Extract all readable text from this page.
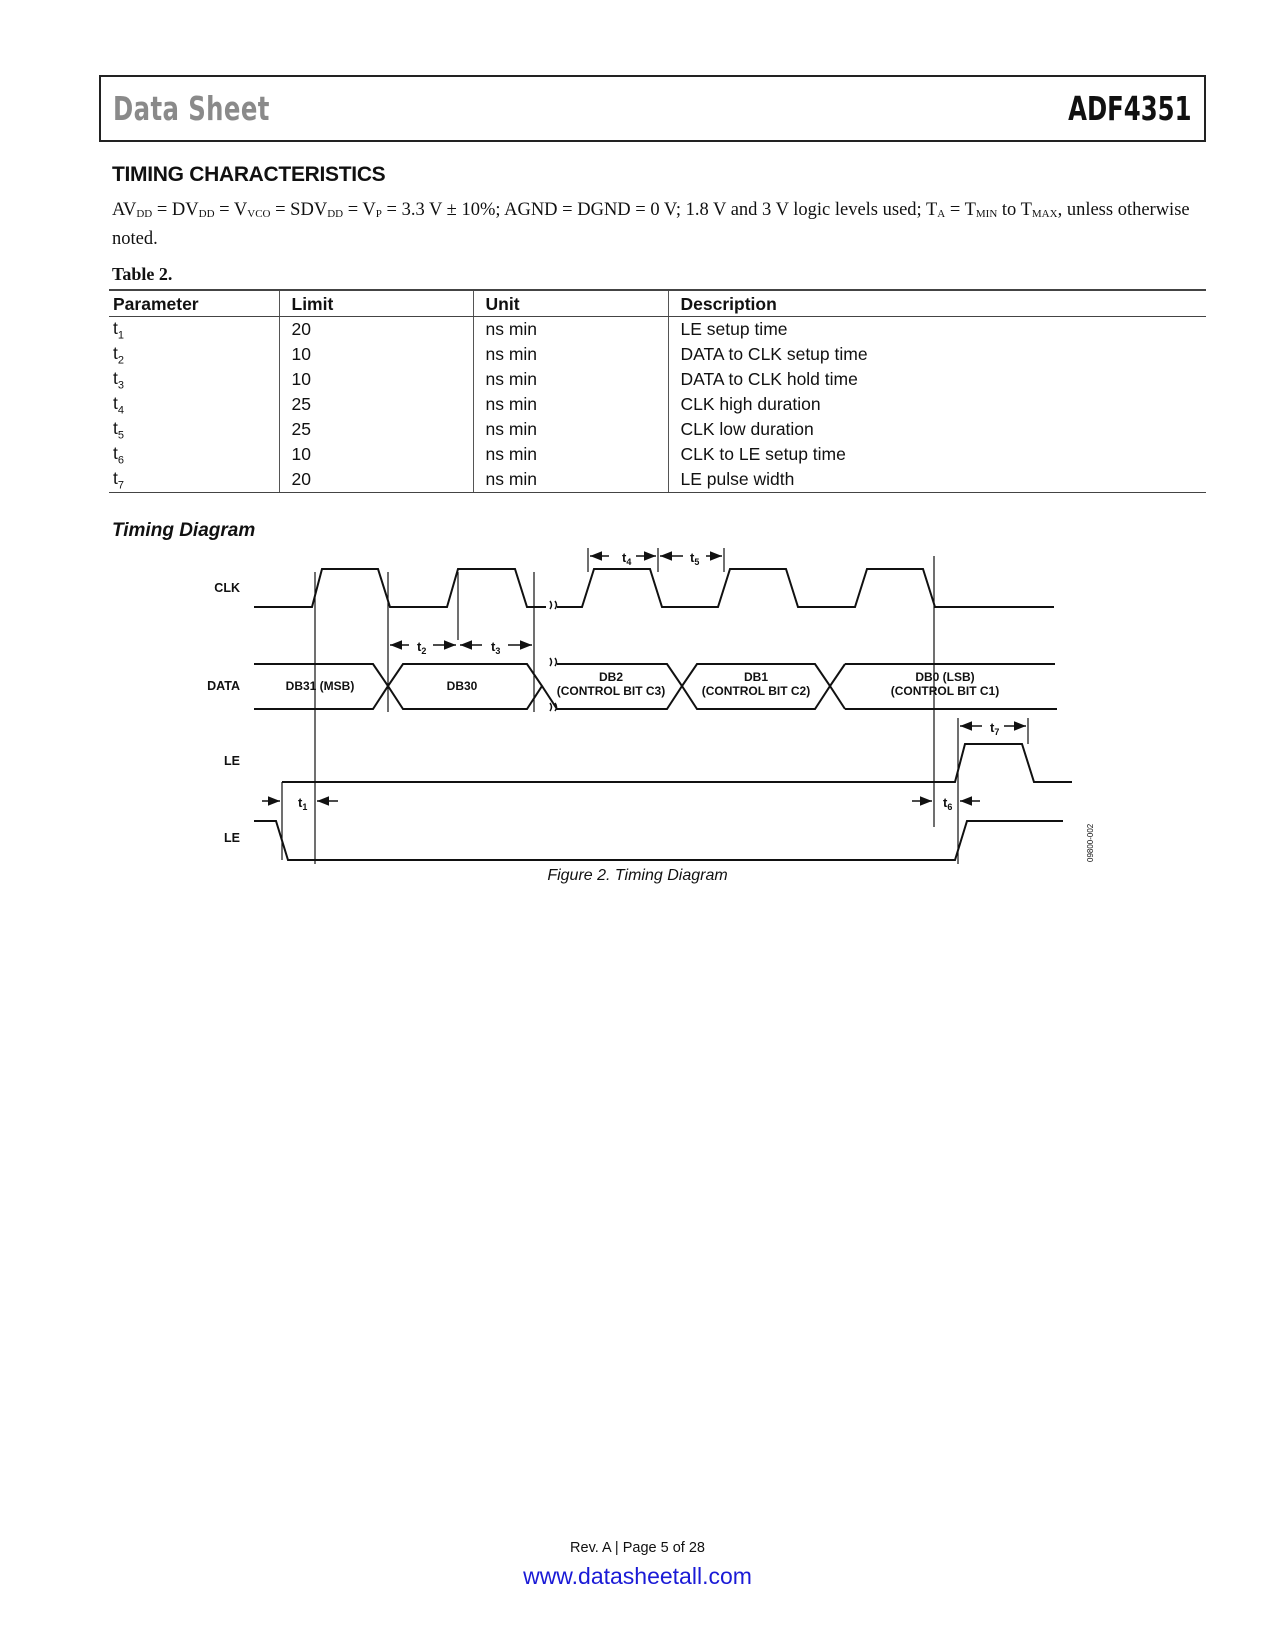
Data Sheet	ADF4351
TIMING CHARACTERISTICS
$AV_{DD} = DV_{DD} = V_{VCO} = SDV_{DD} = V_P = 3.3$ V ± 10%; AGND = DGND = 0 V; 1.8 V and 3 V logic levels used; $T_A = T_{MIN}$ to $T_{MAX}$, unless otherwise noted.
Table 2.
Parameter	Limit	Unit	Description
$t_1$	20	ns min	LE setup time
$t_2$	10	ns min	DATA to CLK setup time
$t_3$	10	ns min	DATA to CLK hold time
$t_4$	25	ns min	CLK high duration
$t_5$	25	ns min	CLK low duration
$t_6$	10	ns min	CLK to LE setup time
$t_7$	20	ns min	LE pulse width
Timing Diagram
CLK
DATA
LE
LE
DB31 (MSB)	DB30
DB2
(CONTROL BIT C3)
DB1
(CONTROL BIT C2)
DB0 (LSB)
(CONTROL BIT C1)
$t_4$	$t_5$
$t_2$	$t_3$
$t_7$
$t_1$	$t_6$
09800-002
Figure 2. Timing Diagram
Rev. A | Page 5 of 28
www.datasheetall.com
